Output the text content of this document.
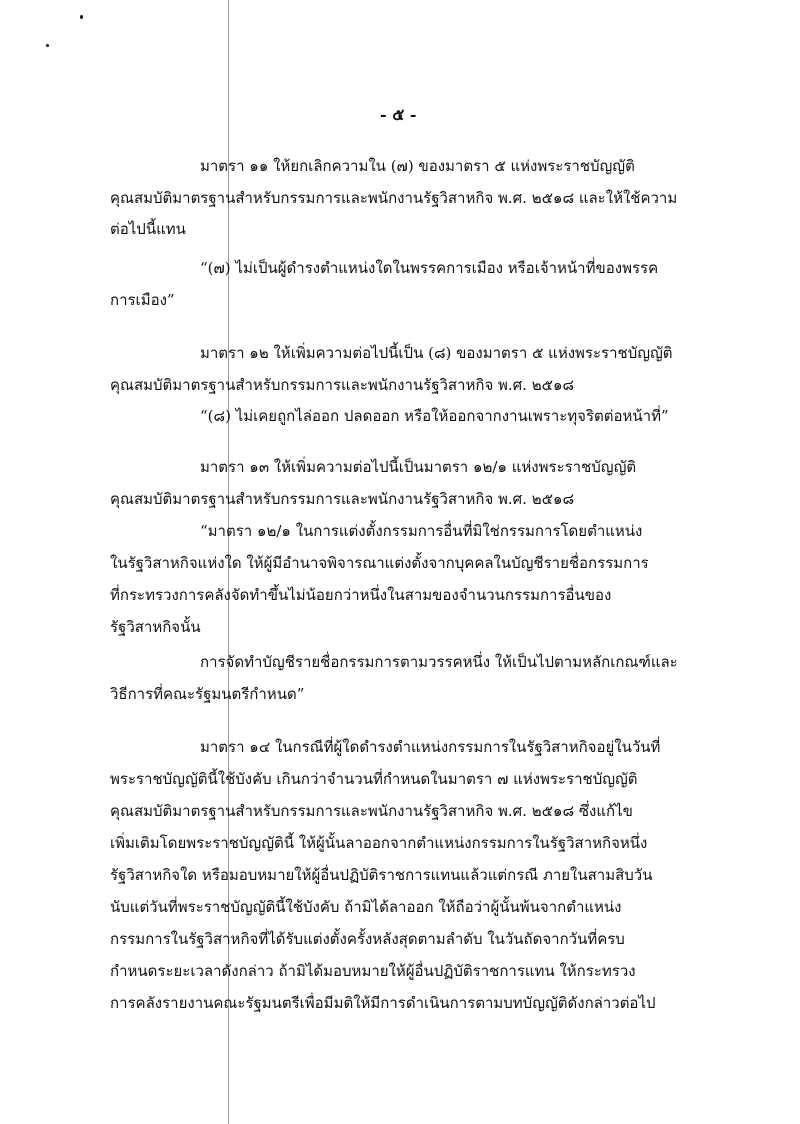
- ๕ -
มาตรา ๑๑ ให้ยกเลิกความใน (๗) ของมาตรา ๕ แห่งพระราชบัญญัติ
คุณสมบัติมาตรฐานสำหรับกรรมการและพนักงานรัฐวิสาหกิจ พ.ศ. ๒๕๑๘ และให้ใช้ความ
ต่อไปนี้แทน
“(๗) ไม่เป็นผู้ดำรงตำแหน่งใดในพรรคการเมือง หรือเจ้าหน้าที่ของพรรค
การเมือง”
มาตรา ๑๒ ให้เพิ่มความต่อไปนี้เป็น (๘) ของมาตรา ๕ แห่งพระราชบัญญัติ
คุณสมบัติมาตรฐานสำหรับกรรมการและพนักงานรัฐวิสาหกิจ พ.ศ. ๒๕๑๘
“(๘) ไม่เคยถูกไล่ออก ปลดออก หรือให้ออกจากงานเพราะทุจริตต่อหน้าที่”
มาตรา ๑๓ ให้เพิ่มความต่อไปนี้เป็นมาตรา ๑๒/๑ แห่งพระราชบัญญัติ
คุณสมบัติมาตรฐานสำหรับกรรมการและพนักงานรัฐวิสาหกิจ พ.ศ. ๒๕๑๘
“มาตรา ๑๒/๑ ในการแต่งตั้งกรรมการอื่นที่มิใช่กรรมการโดยตำแหน่ง
ในรัฐวิสาหกิจแห่งใด ให้ผู้มีอำนาจพิจารณาแต่งตั้งจากบุคคลในบัญชีรายชื่อกรรมการ
ที่กระทรวงการคลังจัดทำขึ้นไม่น้อยกว่าหนึ่งในสามของจำนวนกรรมการอื่นของ
รัฐวิสาหกิจนั้น
การจัดทำบัญชีรายชื่อกรรมการตามวรรคหนึ่ง ให้เป็นไปตามหลักเกณฑ์และ
วิธีการที่คณะรัฐมนตรีกำหนด”
มาตรา ๑๔ ในกรณีที่ผู้ใดดำรงตำแหน่งกรรมการในรัฐวิสาหกิจอยู่ในวันที่
พระราชบัญญัตินี้ใช้บังคับ เกินกว่าจำนวนที่กำหนดในมาตรา ๗ แห่งพระราชบัญญัติ
คุณสมบัติมาตรฐานสำหรับกรรมการและพนักงานรัฐวิสาหกิจ พ.ศ. ๒๕๑๘ ซึ่งแก้ไข
เพิ่มเติมโดยพระราชบัญญัตินี้ ให้ผู้นั้นลาออกจากตำแหน่งกรรมการในรัฐวิสาหกิจหนึ่ง
รัฐวิสาหกิจใด หรือมอบหมายให้ผู้อื่นปฏิบัติราชการแทนแล้วแต่กรณี ภายในสามสิบวัน
นับแต่วันที่พระราชบัญญัตินี้ใช้บังคับ ถ้ามิได้ลาออก ให้ถือว่าผู้นั้นพ้นจากตำแหน่ง
กรรมการในรัฐวิสาหกิจที่ได้รับแต่งตั้งครั้งหลังสุดตามลำดับ ในวันถัดจากวันที่ครบ
กำหนดระยะเวลาดังกล่าว ถ้ามิได้มอบหมายให้ผู้อื่นปฏิบัติราชการแทน ให้กระทรวง
การคลังรายงานคณะรัฐมนตรีเพื่อมีมติให้มีการดำเนินการตามบทบัญญัติดังกล่าวต่อไป
